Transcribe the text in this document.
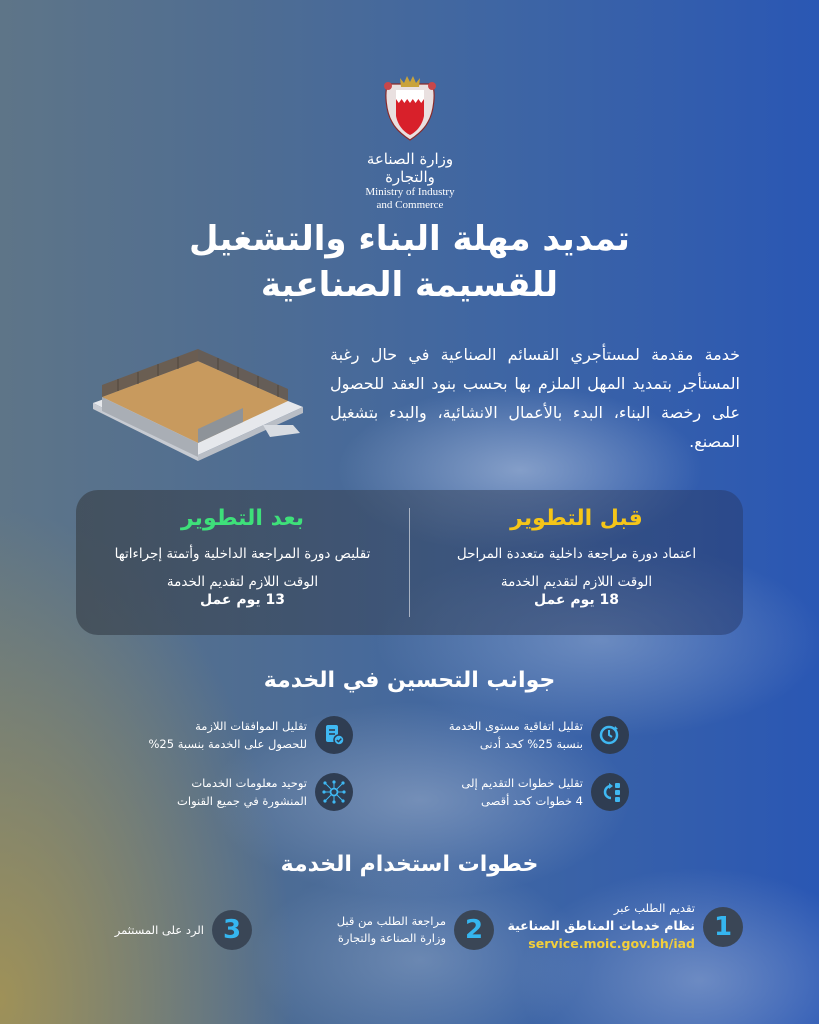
وزارة الصناعة والتجارة
Ministry of Industry
and Commerce
تمديد مهلة البناء والتشغيل
للقسيمة الصناعية
خدمة مقدمة لمستأجري القسائم الصناعية في حال رغبة المستأجر بتمديد المهل الملزم بها بحسب بنود العقد للحصول على رخصة البناء، البدء بالأعمال الانشائية، والبدء بتشغيل المصنع.
قبل التطوير
اعتماد دورة مراجعة داخلية متعددة المراحل
الوقت اللازم لتقديم الخدمة
18 يوم عمل
بعد التطوير
تقليص دورة المراجعة الداخلية وأتمتة إجراءاتها
الوقت اللازم لتقديم الخدمة
13 يوم عمل
جوانب التحسين في الخدمة
تقليل اتفاقية مستوى الخدمة
بنسبة 25% كحد أدنى
تقليل الموافقات اللازمة
للحصول على الخدمة بنسبة 25%
تقليل خطوات التقديم إلى
4 خطوات كحد أقصى
توحيد معلومات الخدمات
المنشورة في جميع القنوات
خطوات استخدام الخدمة
1
تقديم الطلب عبر
نظام خدمات المناطق الصناعية
service.moic.gov.bh/iad
2
مراجعة الطلب من قبل
وزارة الصناعة والتجارة
3
الرد على المستثمر
